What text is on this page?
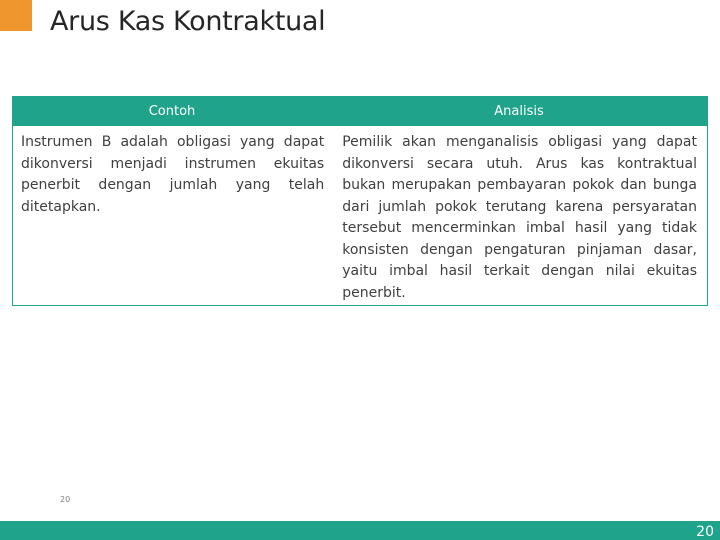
Arus Kas Kontraktual
Contoh	Analisis
Instrumen B adalah obligasi yang dapat dikonversi menjadi instrumen ekuitas penerbit dengan jumlah yang telah ditetapkan.
Pemilik akan menganalisis obligasi yang dapat dikonversi secara utuh. Arus kas kontraktual bukan merupakan pembayaran pokok dan bunga dari jumlah pokok terutang karena persyaratan tersebut mencerminkan imbal hasil yang tidak konsisten dengan pengaturan pinjaman dasar, yaitu imbal hasil terkait dengan nilai ekuitas penerbit.
20
20
